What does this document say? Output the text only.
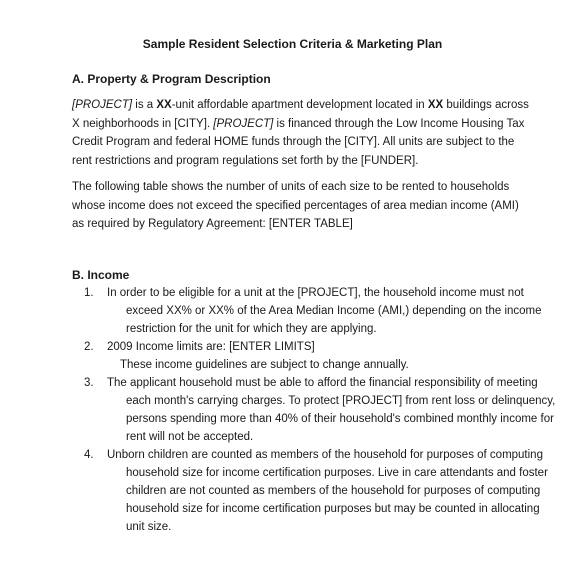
Sample Resident Selection Criteria & Marketing Plan
A. Property & Program Description
[PROJECT] is a XX-unit affordable apartment development located in XX buildings across X neighborhoods in [CITY]. [PROJECT] is financed through the Low Income Housing Tax Credit Program and federal HOME funds through the [CITY]. All units are subject to the rent restrictions and program regulations set forth by the [FUNDER].
The following table shows the number of units of each size to be rented to households whose income does not exceed the specified percentages of area median income (AMI) as required by Regulatory Agreement: [ENTER TABLE]
B. Income
1. In order to be eligible for a unit at the [PROJECT], the household income must not
exceed XX% or XX% of the Area Median Income (AMI,) depending on the income
restriction for the unit for which they are applying.
2. 2009 Income limits are: [ENTER LIMITS]
These income guidelines are subject to change annually.
3. The applicant household must be able to afford the financial responsibility of meeting
each month's carrying charges. To protect [PROJECT] from rent loss or delinquency,
persons spending more than 40% of their household's combined monthly income for
rent will not be accepted.
4. Unborn children are counted as members of the household for purposes of computing
household size for income certification purposes. Live in care attendants and foster
children are not counted as members of the household for purposes of computing
household size for income certification purposes but may be counted in allocating
unit size.
